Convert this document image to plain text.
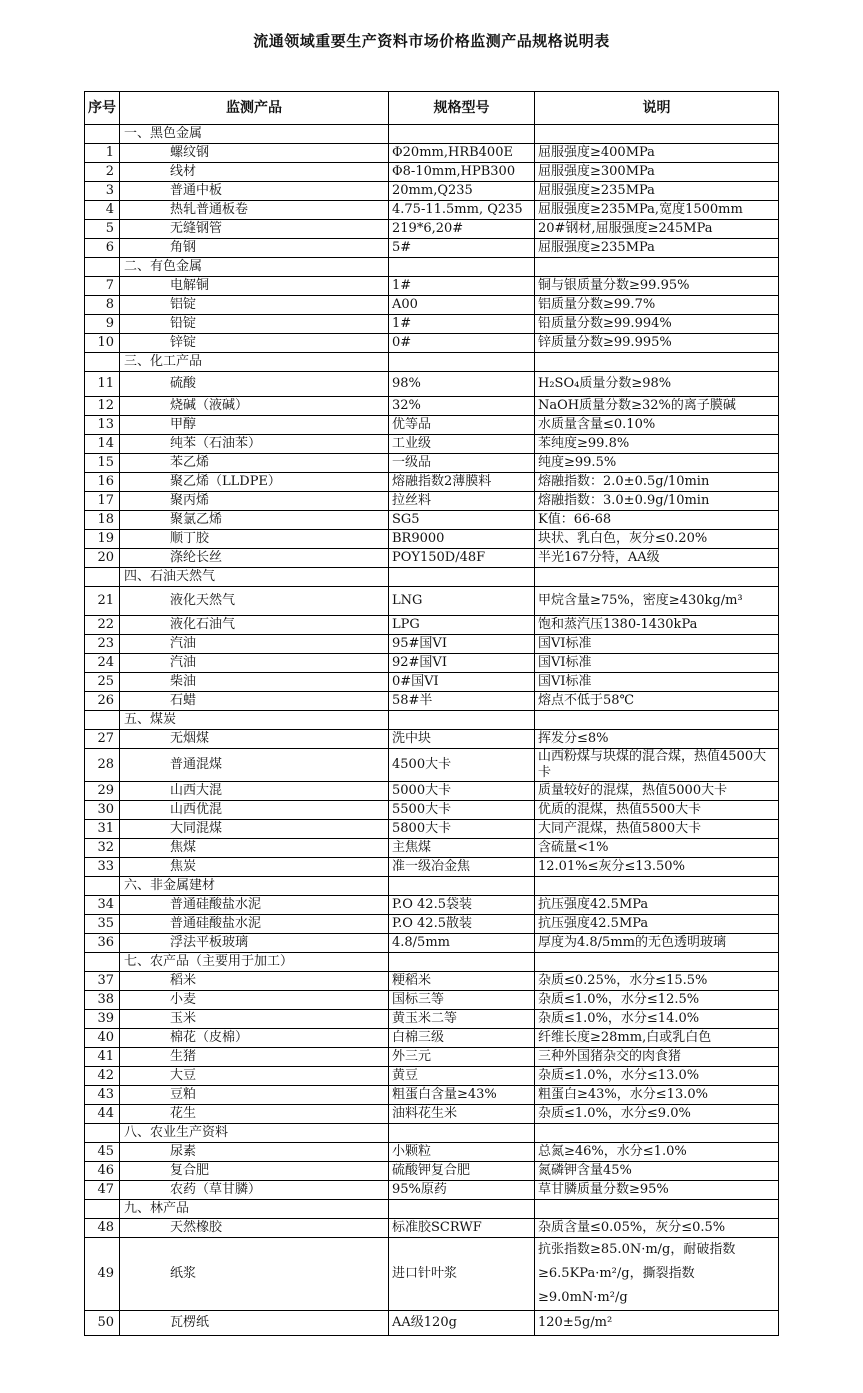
流通领域重要生产资料市场价格监测产品规格说明表
序号	监测产品	规格型号	说明
	一、黑色金属		
1	螺纹钢	Φ20mm,HRB400E	屈服强度≥400MPa
2	线材	Φ8-10mm,HPB300	屈服强度≥300MPa
3	普通中板	20mm,Q235	屈服强度≥235MPa
4	热轧普通板卷	4.75-11.5mm, Q235	屈服强度≥235MPa,宽度1500mm
5	无缝钢管	219*6,20#	20#钢材,屈服强度≥245MPa
6	角钢	5#	屈服强度≥235MPa
	二、有色金属		
7	电解铜	1#	铜与银质量分数≥99.95%
8	铝锭	A00	铝质量分数≥99.7%
9	铅锭	1#	铅质量分数≥99.994%
10	锌锭	0#	锌质量分数≥99.995%
	三、化工产品		
11	硫酸	98%	H₂SO₄质量分数≥98%
12	烧碱（液碱）	32%	NaOH质量分数≥32%的离子膜碱
13	甲醇	优等品	水质量含量≤0.10%
14	纯苯（石油苯）	工业级	苯纯度≥99.8%
15	苯乙烯	一级品	纯度≥99.5%
16	聚乙烯（LLDPE）	熔融指数2薄膜料	熔融指数：2.0±0.5g/10min
17	聚丙烯	拉丝料	熔融指数：3.0±0.9g/10min
18	聚氯乙烯	SG5	K值：66-68
19	顺丁胶	BR9000	块状、乳白色，灰分≤0.20%
20	涤纶长丝	POY150D/48F	半光167分特，AA级
	四、石油天然气		
21	液化天然气	LNG	甲烷含量≥75%，密度≥430kg/m³
22	液化石油气	LPG	饱和蒸汽压1380-1430kPa
23	汽油	95#国VI	国VI标准
24	汽油	92#国VI	国VI标准
25	柴油	0#国VI	国VI标准
26	石蜡	58#半	熔点不低于58℃
	五、煤炭		
27	无烟煤	洗中块	挥发分≤8%
28	普通混煤	4500大卡	山西粉煤与块煤的混合煤，热值4500大卡
29	山西大混	5000大卡	质量较好的混煤，热值5000大卡
30	山西优混	5500大卡	优质的混煤，热值5500大卡
31	大同混煤	5800大卡	大同产混煤，热值5800大卡
32	焦煤	主焦煤	含硫量<1%
33	焦炭	准一级冶金焦	12.01%≤灰分≤13.50%
	六、非金属建材		
34	普通硅酸盐水泥	P.O 42.5袋装	抗压强度42.5MPa
35	普通硅酸盐水泥	P.O 42.5散装	抗压强度42.5MPa
36	浮法平板玻璃	4.8/5mm	厚度为4.8/5mm的无色透明玻璃
	七、农产品（主要用于加工）		
37	稻米	粳稻米	杂质≤0.25%，水分≤15.5%
38	小麦	国标三等	杂质≤1.0%，水分≤12.5%
39	玉米	黄玉米二等	杂质≤1.0%，水分≤14.0%
40	棉花（皮棉）	白棉三级	纤维长度≥28mm,白或乳白色
41	生猪	外三元	三种外国猪杂交的肉食猪
42	大豆	黄豆	杂质≤1.0%，水分≤13.0%
43	豆粕	粗蛋白含量≥43%	粗蛋白≥43%，水分≤13.0%
44	花生	油料花生米	杂质≤1.0%，水分≤9.0%
	八、农业生产资料		
45	尿素	小颗粒	总氮≥46%，水分≤1.0%
46	复合肥	硫酸钾复合肥	氮磷钾含量45%
47	农药（草甘膦）	95%原药	草甘膦质量分数≥95%
	九、林产品		
48	天然橡胶	标准胶SCRWF	杂质含量≤0.05%，灰分≤0.5%
49	纸浆	进口针叶浆	抗张指数≥85.0N·m/g，耐破指数≥6.5KPa·m²/g，撕裂指数≥9.0mN·m²/g
50	瓦楞纸	AA级120g	120±5g/m²
